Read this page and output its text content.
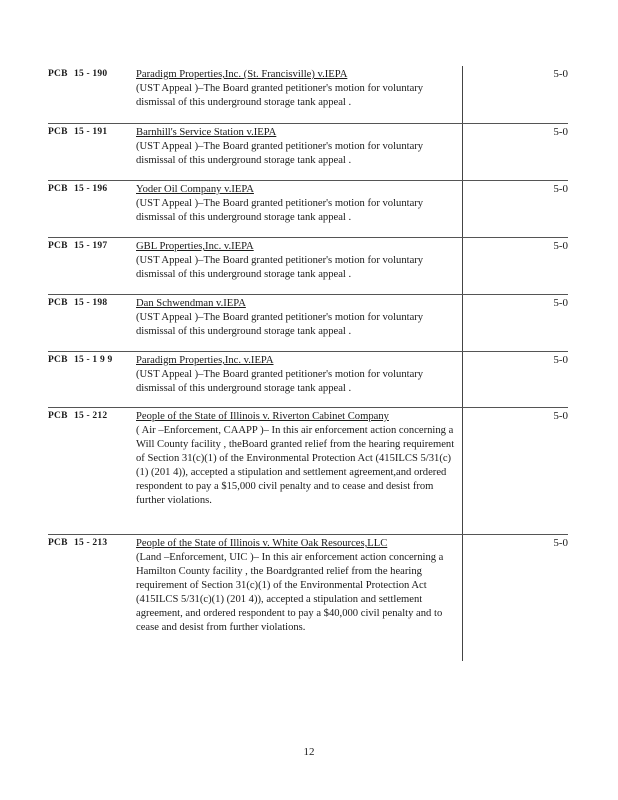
PCB 15 - 190	Paradigm Properties,Inc. (St. Francisville) v.IEPA
(UST Appeal )–The Board granted petitioner's motion for voluntary dismissal of this underground storage tank appeal .
5-0
PCB 15 - 191	Barnhill's Service Station v.IEPA
(UST Appeal )–The Board granted petitioner's motion for voluntary dismissal of this underground storage tank appeal .
5-0
PCB 15 - 196	Yoder Oil Company v.IEPA
(UST Appeal )–The Board granted petitioner's motion for voluntary dismissal of this underground storage tank appeal .
5-0
PCB 15 - 197	GBL Properties,Inc. v.IEPA
(UST Appeal )–The Board granted petitioner's motion for voluntary dismissal of this underground storage tank appeal .
5-0
PCB 15 - 198	Dan Schwendman v.IEPA
(UST Appeal )–The Board granted petitioner's motion for voluntary dismissal of this underground storage tank appeal .
5-0
PCB 15 - 1 9 9	Paradigm Properties,Inc. v.IEPA
(UST Appeal )–The Board granted petitioner's motion for voluntary dismissal of this underground storage tank appeal .
5-0
PCB 15 - 212	People of the State of Illinois v. Riverton Cabinet Company
( Air –Enforcement, CAAPP )– In this air enforcement action concerning a Will County facility , theBoard granted relief from the hearing requirement of Section 31(c)(1) of the Environmental Protection Act (415ILCS 5/31(c)(1) (201 4)), accepted a stipulation and settlement agreement,and ordered respondent to pay a $15,000 civil penalty and to cease and desist from further violations.
5-0
PCB 15 - 213	People of the State of Illinois v. White Oak Resources,LLC
(Land –Enforcement, UIC )– In this air enforcement action concerning a Hamilton County facility , the Boardgranted relief from the hearing requirement of Section 31(c)(1) of the Environmental Protection Act (415ILCS 5/31(c)(1) (201 4)), accepted a stipulation and settlement agreement, and ordered respondent to pay a $40,000 civil penalty and to cease and desist from further violations.
5-0
12
